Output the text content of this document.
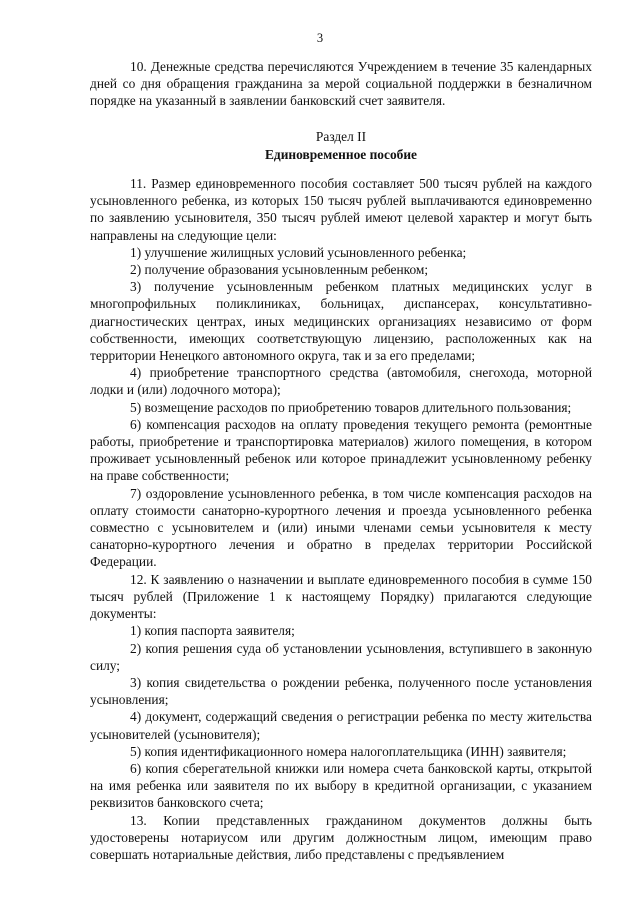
3

10. Денежные средства перечисляются Учреждением в течение 35 календарных дней со дня обращения гражданина за мерой социальной поддержки в безналичном порядке на указанный в заявлении банковский счет заявителя.

Раздел II

Единовременное пособие

11. Размер единовременного пособия составляет 500 тысяч рублей на каждого усыновленного ребенка, из которых 150 тысяч рублей выплачиваются единовременно по заявлению усыновителя, 350 тысяч рублей имеют целевой характер и могут быть направлены на следующие цели:

1) улучшение жилищных условий усыновленного ребенка;

2) получение образования усыновленным ребенком;

3) получение усыновленным ребенком платных медицинских услуг в многопрофильных поликлиниках, больницах, диспансерах, консультативно-диагностических центрах, иных медицинских организациях независимо от форм собственности, имеющих соответствующую лицензию, расположенных как на территории Ненецкого автономного округа, так и за его пределами;

4) приобретение транспортного средства (автомобиля, снегохода, моторной лодки и (или) лодочного мотора);

5) возмещение расходов по приобретению товаров длительного пользования;

6) компенсация расходов на оплату проведения текущего ремонта (ремонтные работы, приобретение и транспортировка материалов) жилого помещения, в котором проживает усыновленный ребенок или которое принадлежит усыновленному ребенку на праве собственности;

7) оздоровление усыновленного ребенка, в том числе компенсация расходов на оплату стоимости санаторно-курортного лечения и проезда усыновленного ребенка совместно с усыновителем и (или) иными членами семьи усыновителя к месту санаторно-курортного лечения и обратно в пределах территории Российской Федерации.

12. К заявлению о назначении и выплате единовременного пособия в сумме 150 тысяч рублей (Приложение 1 к настоящему Порядку) прилагаются следующие документы:

1) копия паспорта заявителя;

2) копия решения суда об установлении усыновления, вступившего в законную силу;

3) копия свидетельства о рождении ребенка, полученного после установления усыновления;

4) документ, содержащий сведения о регистрации ребенка по месту жительства усыновителей (усыновителя);

5) копия идентификационного номера налогоплательщика (ИНН) заявителя;

6) копия сберегательной книжки или номера счета банковской карты, открытой на имя ребенка или заявителя по их выбору в кредитной организации, с указанием реквизитов банковского счета;

13. Копии представленных гражданином документов должны быть удостоверены нотариусом или другим должностным лицом, имеющим право совершать нотариальные действия, либо представлены с предъявлением
